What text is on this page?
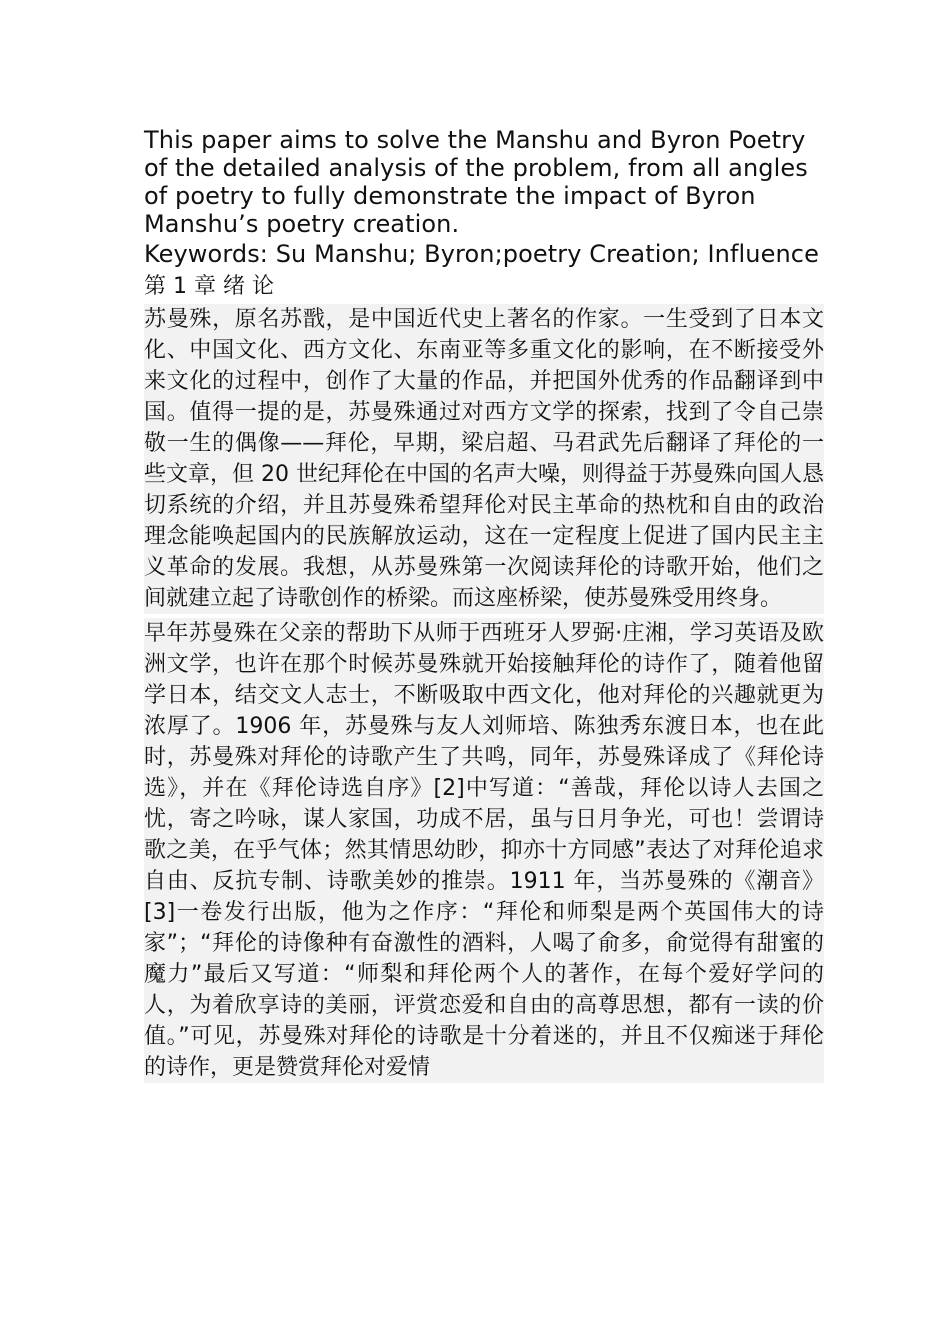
This paper aims to solve the Manshu and Byron Poetry of the detailed analysis of the problem, from all angles of poetry to fully demonstrate the impact of Byron Manshu’s poetry creation.

Keywords: Su Manshu; Byron;poetry Creation; Influence

第 1 章 绪 论

苏曼殊，原名苏戬，是中国近代史上著名的作家。一生受到了日本文化、中国文化、西方文化、东南亚等多重文化的影响，在不断接受外来文化的过程中，创作了大量的作品，并把国外优秀的作品翻译到中国。值得一提的是，苏曼殊通过对西方文学的探索，找到了令自己崇敬一生的偶像——拜伦，早期，梁启超、马君武先后翻译了拜伦的一些文章，但 20 世纪拜伦在中国的名声大噪，则得益于苏曼殊向国人恳切系统的介绍，并且苏曼殊希望拜伦对民主革命的热枕和自由的政治理念能唤起国内的民族解放运动，这在一定程度上促进了国内民主主义革命的发展。我想，从苏曼殊第一次阅读拜伦的诗歌开始，他们之间就建立起了诗歌创作的桥梁。而这座桥梁，使苏曼殊受用终身。

早年苏曼殊在父亲的帮助下从师于西班牙人罗弼·庄湘，学习英语及欧洲文学，也许在那个时候苏曼殊就开始接触拜伦的诗作了，随着他留学日本，结交文人志士，不断吸取中西文化，他对拜伦的兴趣就更为浓厚了。1906 年，苏曼殊与友人刘师培、陈独秀东渡日本，也在此时，苏曼殊对拜伦的诗歌产生了共鸣，同年，苏曼殊译成了《拜伦诗选》，并在《拜伦诗选自序》[2]中写道：“善哉，拜伦以诗人去国之忧，寄之吟咏，谋人家国，功成不居，虽与日月争光，可也！尝谓诗歌之美，在乎气体；然其情思幼眇，抑亦十方同感”表达了对拜伦追求自由、反抗专制、诗歌美妙的推崇。1911 年，当苏曼殊的《潮音》[3]一卷发行出版，他为之作序：“拜伦和师梨是两个英国伟大的诗家”；“拜伦的诗像种有奋激性的酒料，人喝了俞多，俞觉得有甜蜜的魔力”最后又写道：“师梨和拜伦两个人的著作，在每个爱好学问的人，为着欣享诗的美丽，评赏恋爱和自由的高尊思想，都有一读的价值。”可见，苏曼殊对拜伦的诗歌是十分着迷的，并且不仅痴迷于拜伦的诗作，更是赞赏拜伦对爱情
